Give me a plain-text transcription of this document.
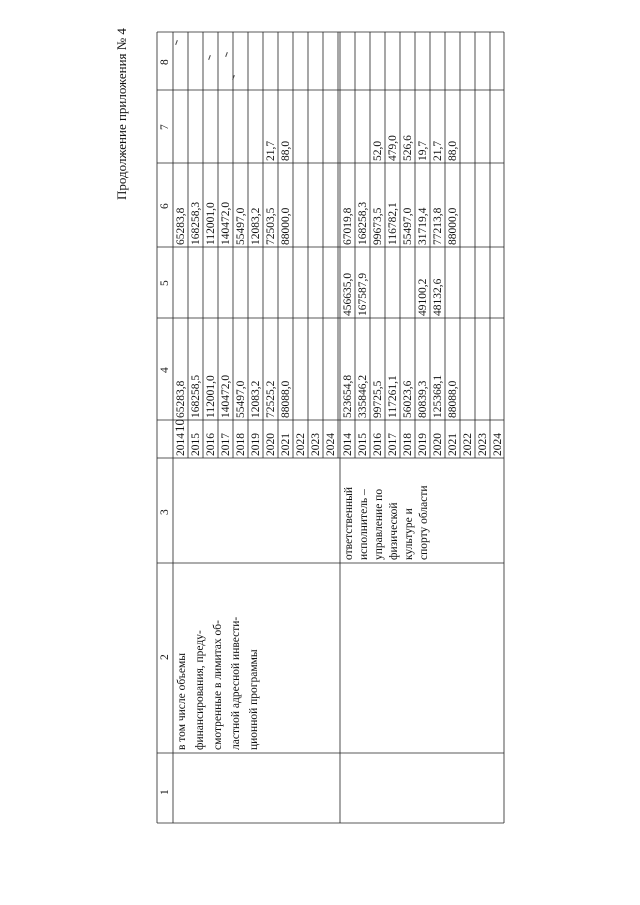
10
Продолжение приложения № 4
1
2
3
4
5
6
7
8
2014 2015 2016 2017 2018 2019 2020 2021 2022 2023 2024
65283,8 168258,5 112001,0 140472,0 55497,0 12083,2 72525,2 88088,0
65283,8 168258,3 112001,0 140472,0 55497,0 12083,2 72503,5 88000,0
21,7 88,0
2014 2015 2016 2017 2018 2019 2020 2021 2022 2023 2024
523654,8 335846,2 99725,5 117261,1 56023,6 80839,3 125368,1 88088,0
456635,0 167587,9	49100,2 48132,6
67019,8 168258,3 99673,5 116782,1 55497,0 31719,4 77213,8 88000,0
52,0 479,0 526,6 19,7 21,7 88,0
в том числе объемы финансирования, преду- смотренные в лимитах об- ластной адресной инвести- ционной программы
ответственный исполнитель – управление по физической культуре и спорту области
